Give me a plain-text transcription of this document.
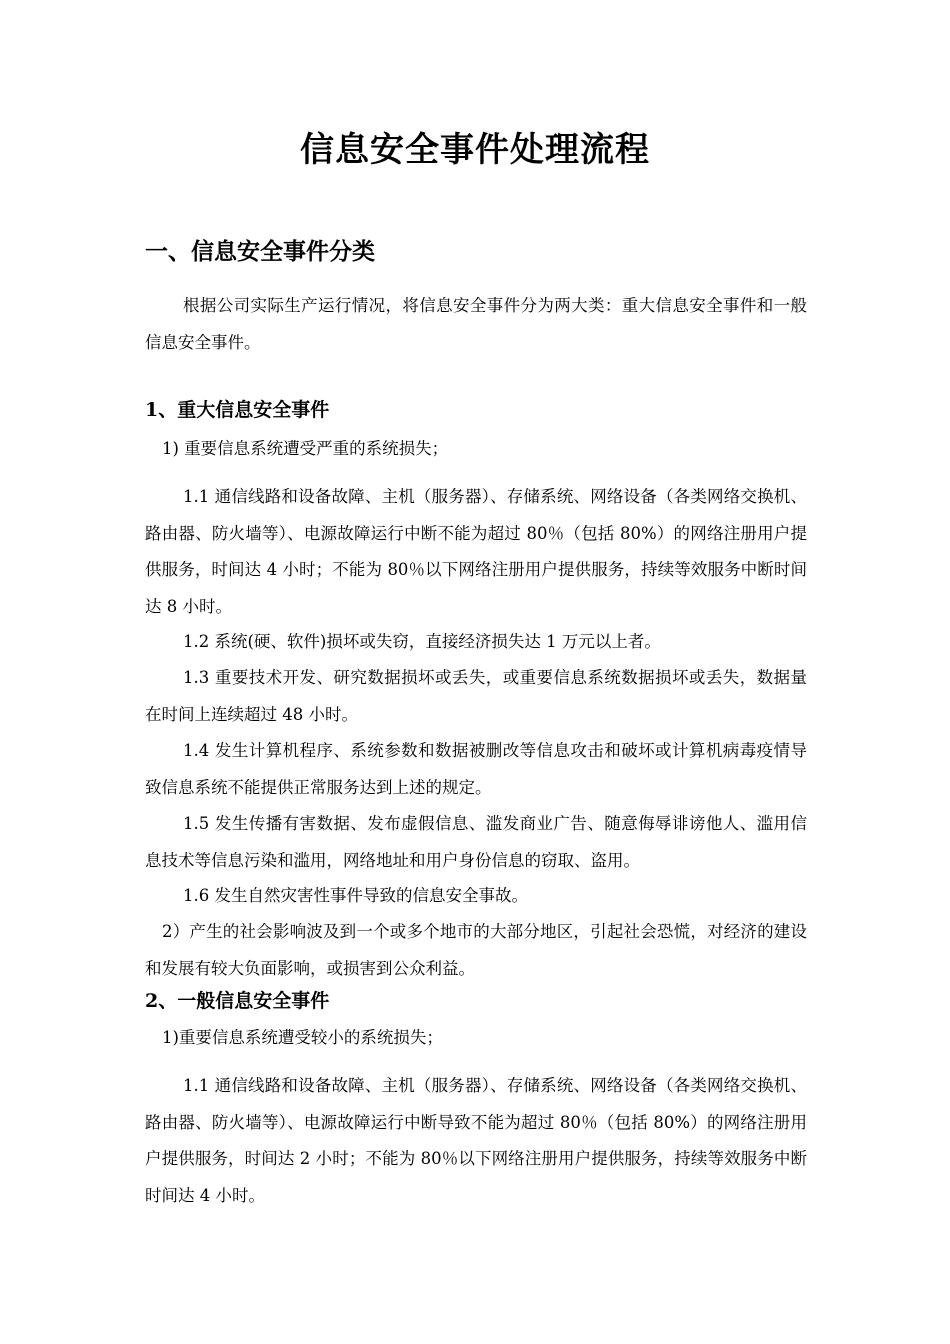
信息安全事件处理流程
一、信息安全事件分类
根据公司实际生产运行情况，将信息安全事件分为两大类：重大信息安全事件和一般信息安全事件。
1、重大信息安全事件
1) 重要信息系统遭受严重的系统损失；
1.1 通信线路和设备故障、主机（服务器）、存储系统、网络设备（各类网络交换机、路由器、防火墙等）、电源故障运行中断不能为超过 80％（包括 80%）的网络注册用户提供服务，时间达 4 小时；不能为 80％以下网络注册用户提供服务，持续等效服务中断时间达 8 小时。
1.2 系统(硬、软件)损坏或失窃，直接经济损失达 1 万元以上者。
1.3 重要技术开发、研究数据损坏或丢失，或重要信息系统数据损坏或丢失，数据量在时间上连续超过 48 小时。
1.4 发生计算机程序、系统参数和数据被删改等信息攻击和破坏或计算机病毒疫情导致信息系统不能提供正常服务达到上述的规定。
1.5 发生传播有害数据、发布虚假信息、滥发商业广告、随意侮辱诽谤他人、滥用信息技术等信息污染和滥用，网络地址和用户身份信息的窃取、盗用。
1.6 发生自然灾害性事件导致的信息安全事故。
2）产生的社会影响波及到一个或多个地市的大部分地区，引起社会恐慌，对经济的建设和发展有较大负面影响，或损害到公众利益。
2、一般信息安全事件
1)重要信息系统遭受较小的系统损失；
1.1 通信线路和设备故障、主机（服务器）、存储系统、网络设备（各类网络交换机、路由器、防火墙等）、电源故障运行中断导致不能为超过 80％（包括 80%）的网络注册用户提供服务，时间达 2 小时；不能为 80％以下网络注册用户提供服务，持续等效服务中断时间达 4 小时。
